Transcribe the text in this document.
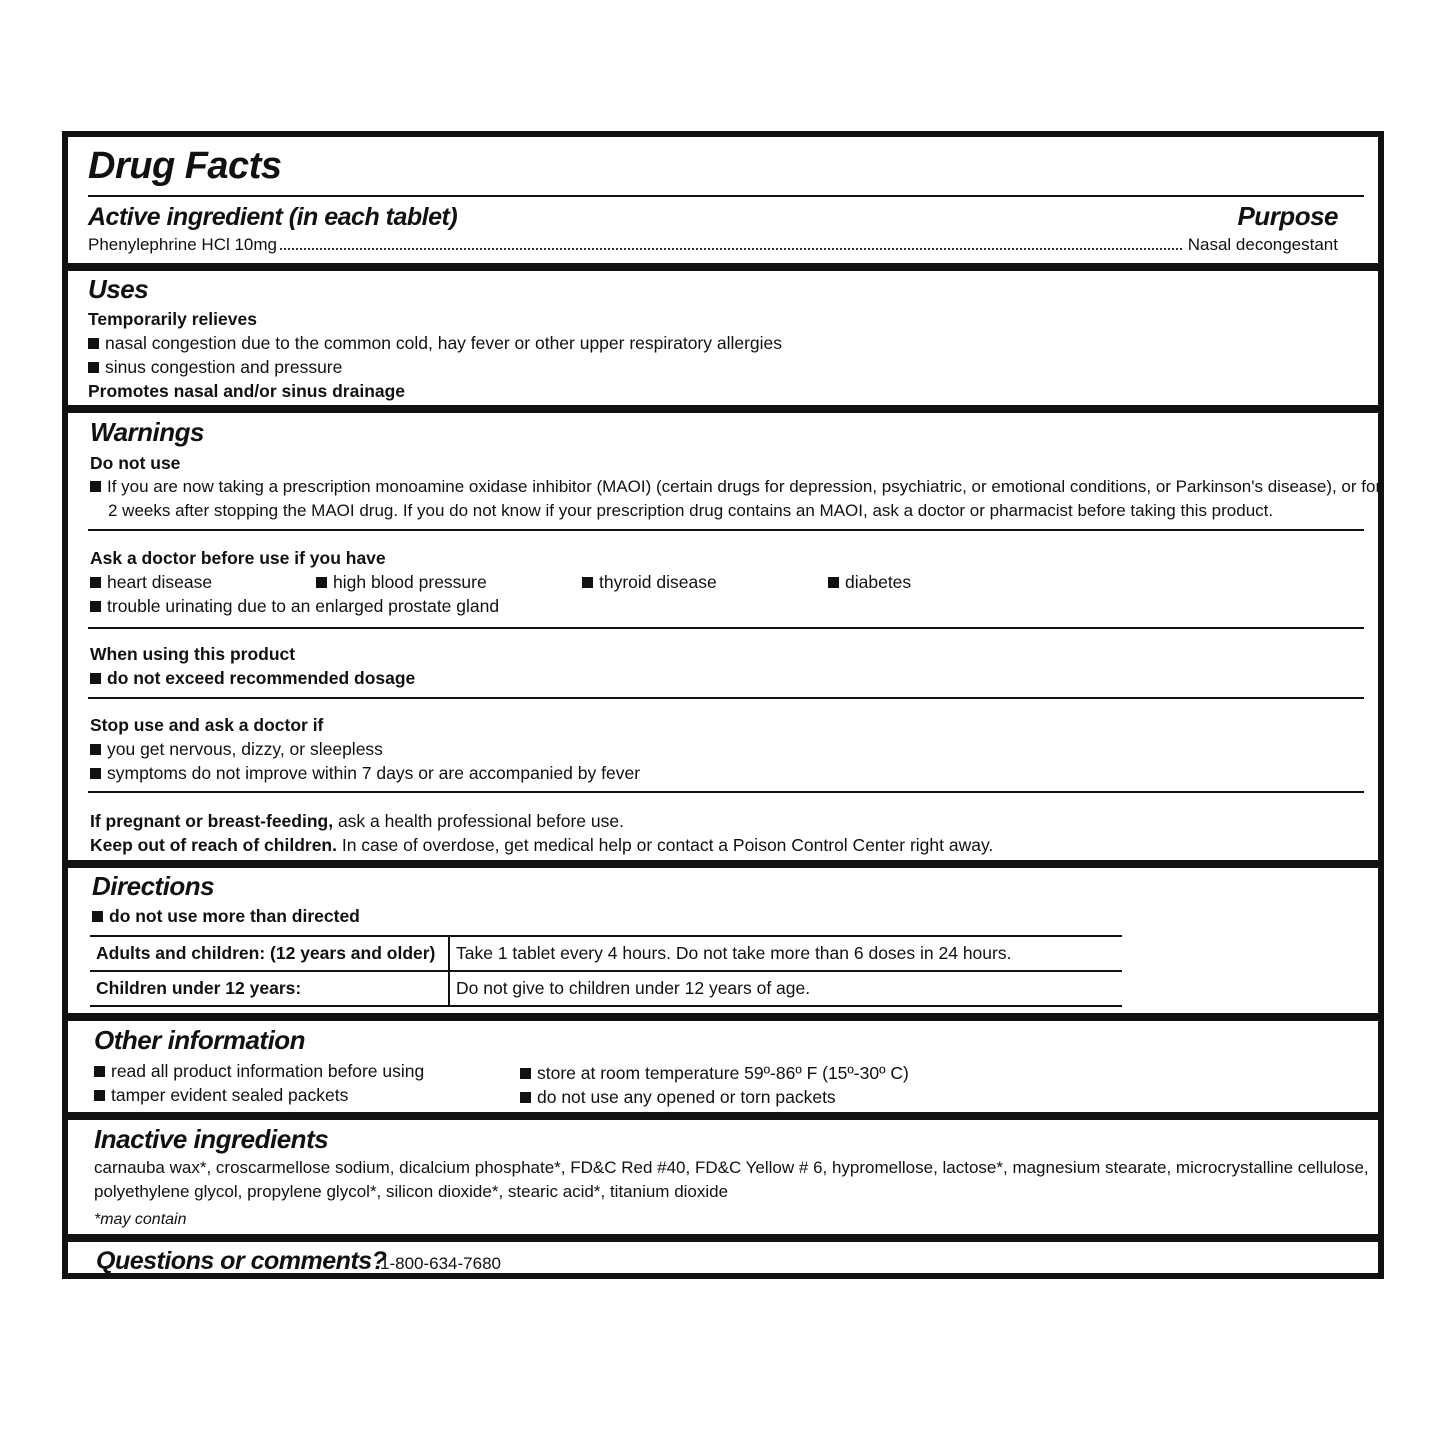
Drug Facts
Active ingredient (in each tablet)	Purpose
Phenylephrine HCl 10mg	Nasal decongestant
Uses
Temporarily relieves
nasal congestion due to the common cold, hay fever or other upper respiratory allergies
sinus congestion and pressure
Promotes nasal and/or sinus drainage
Warnings
Do not use
If you are now taking a prescription monoamine oxidase inhibitor (MAOI) (certain drugs for depression, psychiatric, or emotional conditions, or Parkinson's disease), or for
2 weeks after stopping the MAOI drug. If you do not know if your prescription drug contains an MAOI, ask a doctor or pharmacist before taking this product.
Ask a doctor before use if you have
heart disease	high blood pressure	thyroid disease	diabetes
trouble urinating due to an enlarged prostate gland
When using this product
do not exceed recommended dosage
Stop use and ask a doctor if
you get nervous, dizzy, or sleepless
symptoms do not improve within 7 days or are accompanied by fever
If pregnant or breast-feeding, ask a health professional before use.
Keep out of reach of children. In case of overdose, get medical help or contact a Poison Control Center right away.
Directions
do not use more than directed
Adults and children: (12 years and older)	Take 1 tablet every 4 hours. Do not take more than 6 doses in 24 hours.
Children under 12 years:	Do not give to children under 12 years of age.
Other information
read all product information before using
tamper evident sealed packets
store at room temperature 59º-86º F (15º-30º C)
do not use any opened or torn packets
Inactive ingredients
carnauba wax*, croscarmellose sodium, dicalcium phosphate*, FD&C Red #40, FD&C Yellow # 6, hypromellose, lactose*, magnesium stearate, microcrystalline cellulose,
polyethylene glycol, propylene glycol*, silicon dioxide*, stearic acid*, titanium dioxide
*may contain
Questions or comments?
1-800-634-7680
